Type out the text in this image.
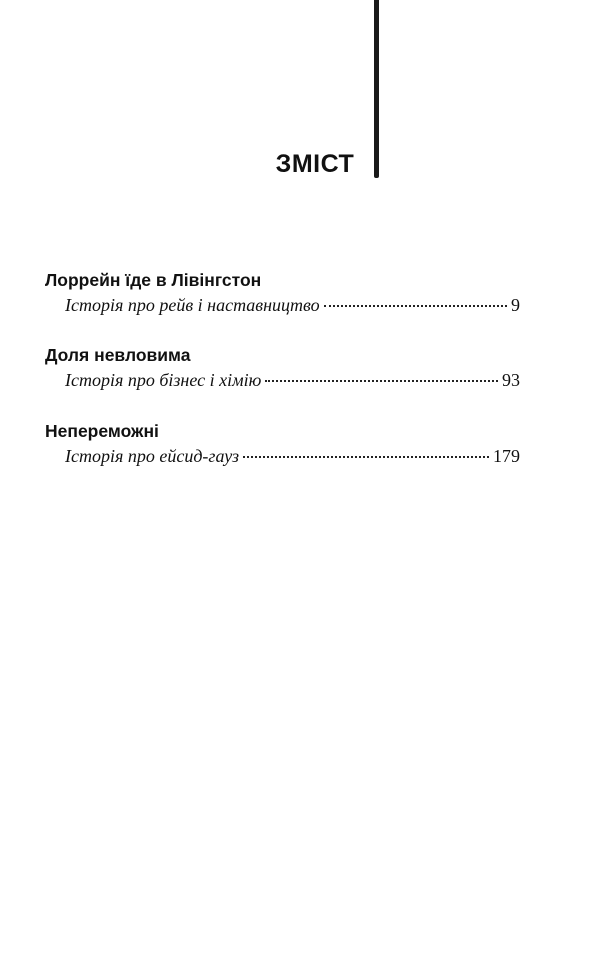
ЗМІСТ
Лоррейн їде в Лівінгстон
Історія про рейв і наставництво	9
Доля невловима
Історія про бізнес і хімію	93
Непереможні
Історія про ейсид-гауз	179
